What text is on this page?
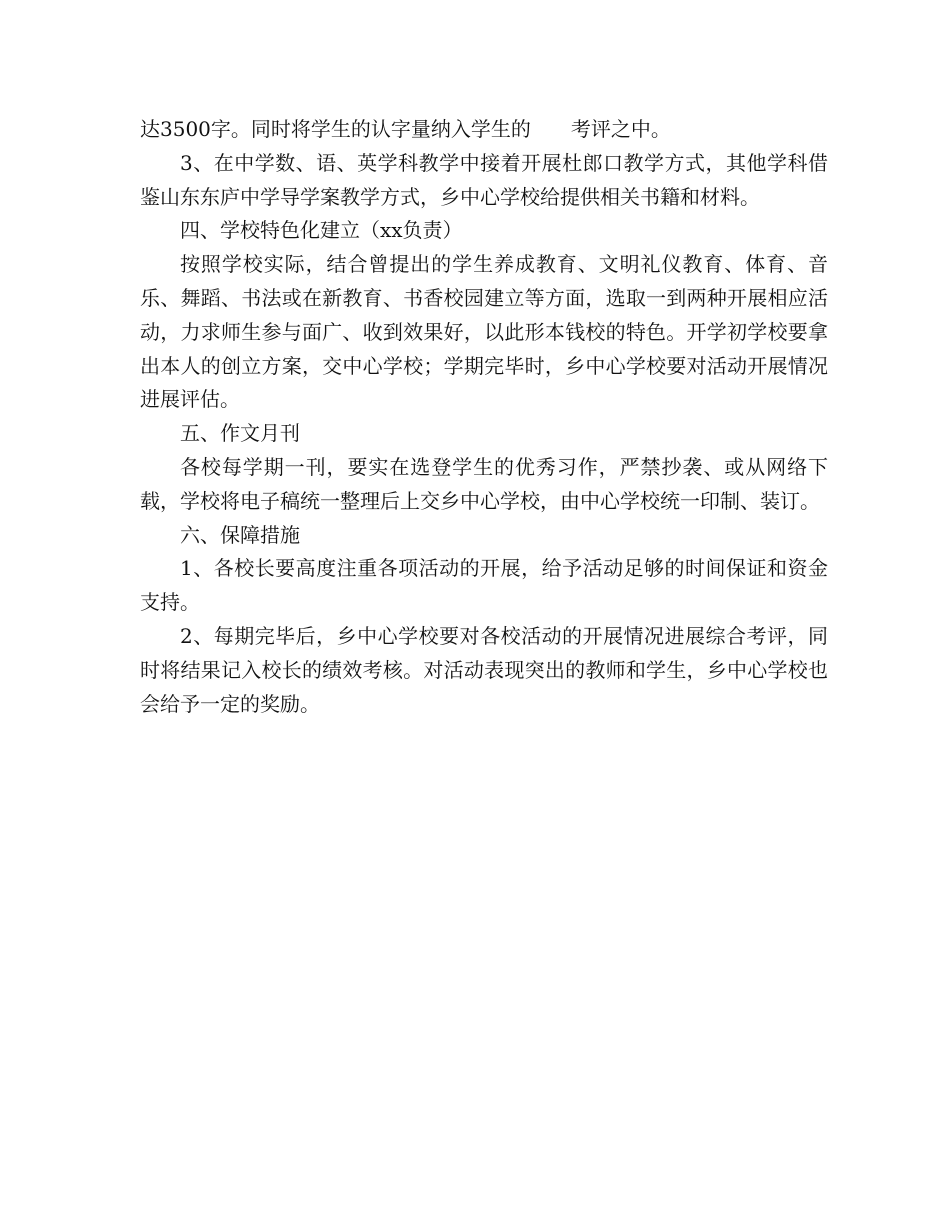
达3500字。同时将学生的认字量纳入学生的　　考评之中。

3、在中学数、语、英学科教学中接着开展杜郎口教学方式，其他学科借鉴山东东庐中学导学案教学方式，乡中心学校给提供相关书籍和材料。

四、学校特色化建立（xx负责）

按照学校实际，结合曾提出的学生养成教育、文明礼仪教育、体育、音乐、舞蹈、书法或在新教育、书香校园建立等方面，选取一到两种开展相应活动，力求师生参与面广、收到效果好，以此形本钱校的特色。开学初学校要拿出本人的创立方案，交中心学校；学期完毕时，乡中心学校要对活动开展情况进展评估。

五、作文月刊

各校每学期一刊，要实在选登学生的优秀习作，严禁抄袭、或从网络下载，学校将电子稿统一整理后上交乡中心学校，由中心学校统一印制、装订。

六、保障措施

1、各校长要高度注重各项活动的开展，给予活动足够的时间保证和资金支持。

2、每期完毕后，乡中心学校要对各校活动的开展情况进展综合考评，同时将结果记入校长的绩效考核。对活动表现突出的教师和学生，乡中心学校也会给予一定的奖励。
